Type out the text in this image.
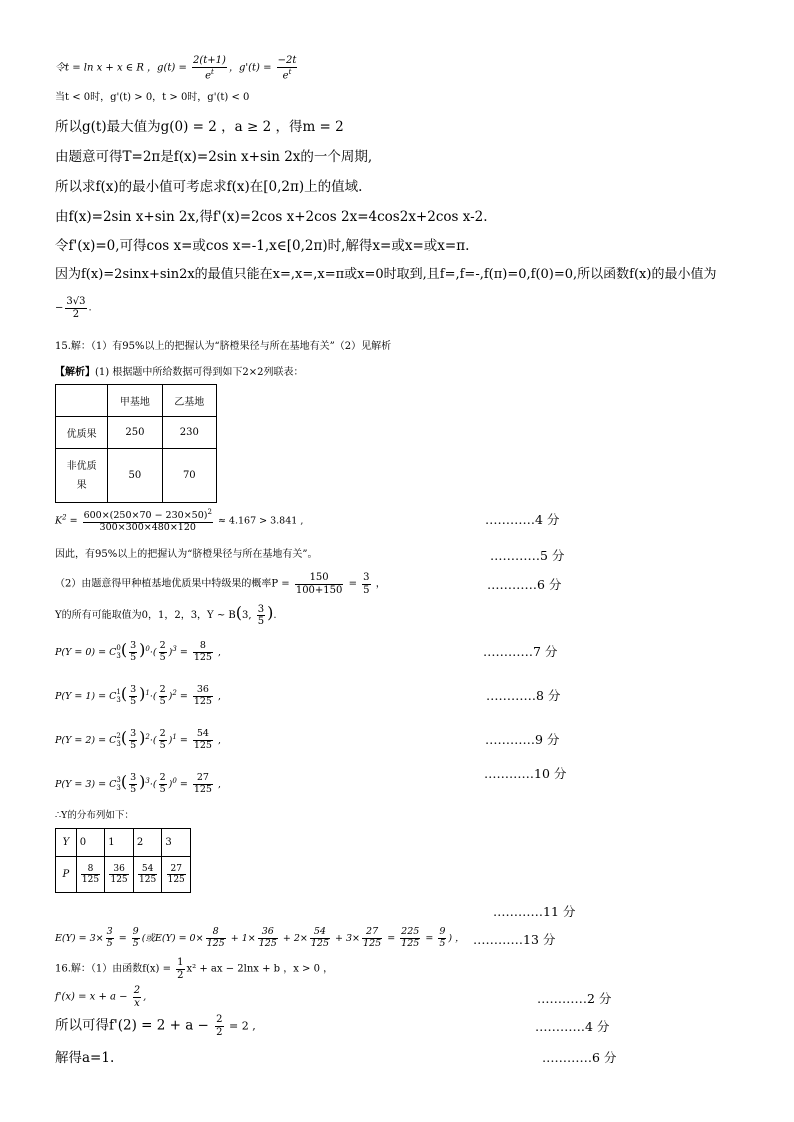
令t = ln x + x ∈ R ，$g(t) = \frac{2(t+1)}{e^t}$ ，$g'(t) = \frac{-2t}{e^t}$
当t < 0时，g'(t) > 0，t > 0时，g'(t) < 0
所以g(t)最大值为g(0) = 2 ，a ≥ 2 ，得m = 2
由题意可得T=2π是f(x)=2sin x+sin 2x的一个周期,
所以求f(x)的最小值可考虑求f(x)在[0,2π)上的值域.
由f(x)=2sin x+sin 2x,得f'(x)=2cos x+2cos 2x=4cos2x+2cos x-2.
令f'(x)=0,可得cos x=或cos x=-1,x∈[0,2π)时,解得x=或x=或x=π.
因为f(x)=2sinx+sin2x的最值只能在x=,x=,x=π或x=0时取到,且f=,f=-,f(π)=0,f(0)=0,所以函数f(x)的最小值为
− $\frac{3√3}{2}$ .
15.解：（1）有95%以上的把握认为“脐橙果径与所在基地有关”（2）见解析
【解析】(1) 根据题中所给数据可得到如下2×2列联表：
	甲基地	乙基地
优质果	250	230

非优质
果	50	70
$K^2 = \frac{600\times(250\times 70 - 230\times 50)^2}{300\times 300\times 480\times 120} \approx 4.167 > 3.841$ ,	…………4 分
因此，有95%以上的把握认为“脐橙果径与所在基地有关”。	…………5 分
（2）由题意得甲种植基地优质果中特级果的概率$P = \frac{150}{100+150} = \frac{3}{5}$ ，	…………6 分
Y的所有可能取值为0，1，2，3，Y ~ B(3, $\frac{3}{5}$ ).
P(Y = 0) = C 0
3 ( $\frac{3}{5} )^0\cdot( \frac{2}{5} )^3 = \frac{8}{125}$ ,	…………7 分
P(Y = 1) = C 1
3 ( $\frac{3}{5} )^1\cdot( \frac{2}{5} )^2 = \frac{36}{125}$ ,	…………8 分
P(Y = 2) = C 2
3 ( $\frac{3}{5} )^2\cdot( \frac{2}{5} )^1 = \frac{54}{125}$ ,	…………9 分
P(Y = 3) = C 3
3 ( $\frac{3}{5} )^3\cdot( \frac{2}{5} )^0 = \frac{27}{125}$ ,
…………10 分
∴Y的分布列如下：
Y	0	1	2	3
P	$\frac{8}{125}$	$\frac{36}{125}$	$\frac{54}{125}$	$\frac{27}{125}$
…………11 分
$E(Y) = 3\times \frac{3}{5} = \frac{9}{5}$ (或$E(Y) = 0\times \frac{8}{125} + 1\times \frac{36}{125} + 2\times \frac{54}{125} + 3\times \frac{27}{125} = \frac{225}{125} = \frac{9}{5}$ ) ， …………13 分
16.解：（1）由函数$f(x) = \frac{1}{2} x^2$ + ax − 2lnx + b ，x > 0 ，
$f'(x) = x + a - \frac{2}{x}$ ,	…………2 分
所以可得$f'(2) = 2 + a - \frac{2}{2} = 2$ ,	…………4 分
解得a=1.	…………6 分
